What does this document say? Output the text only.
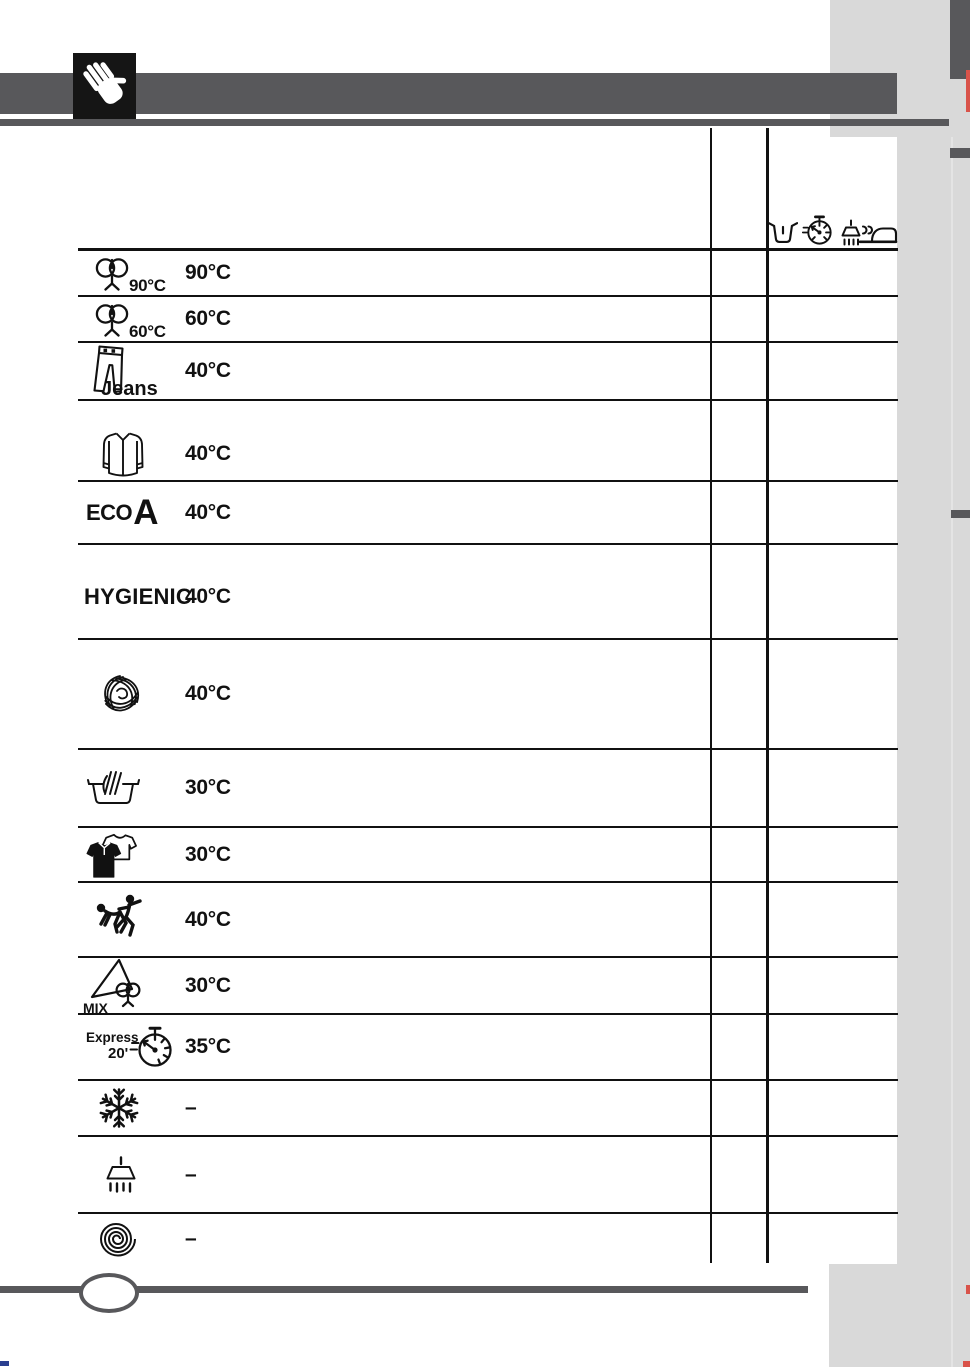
90°C
90°C
60°C
60°C
Jeans
40°C
40°C
ECO A 40°C
HYGIENIC
40°C
40°C
30°C
30°C
40°C
MIX
30°C
Express
20'	35°C
–
–
–
